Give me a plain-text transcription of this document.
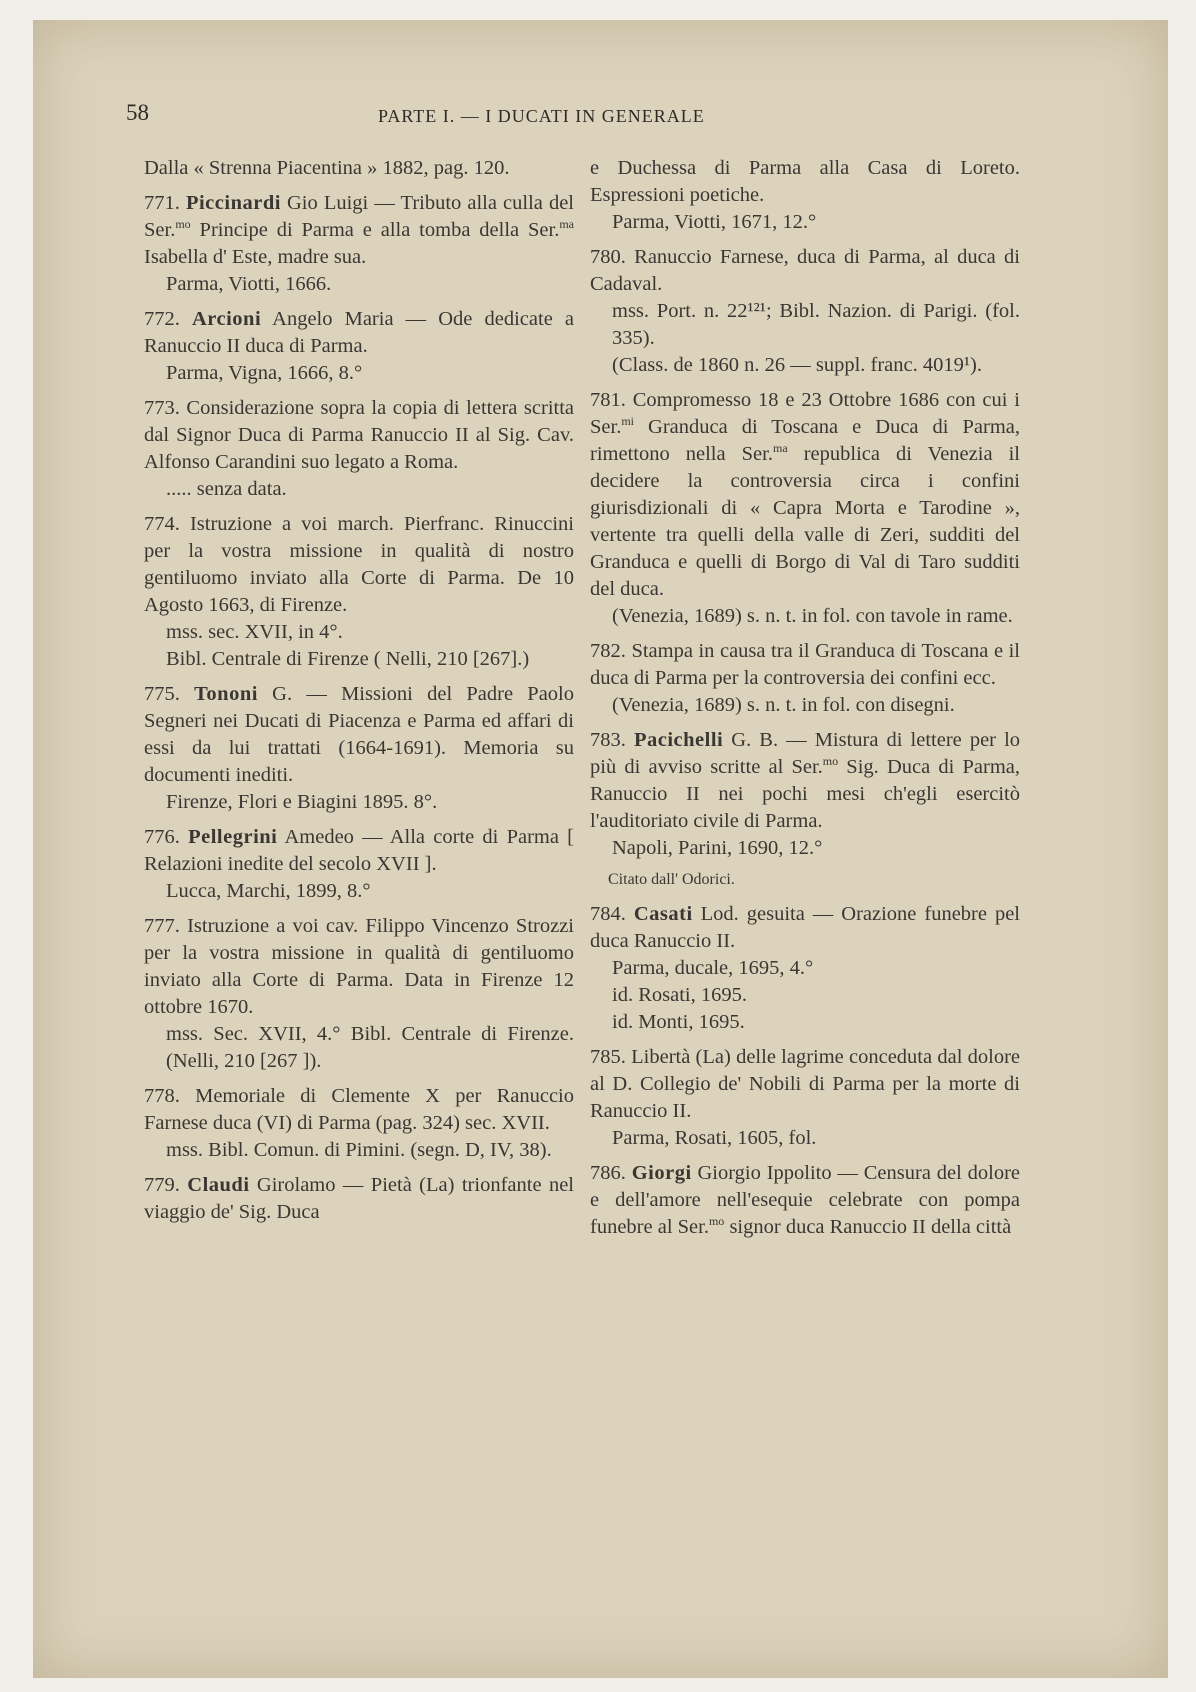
58	PARTE I. — I DUCATI IN GENERALE

Dalla « Strenna Piacentina » 1882, pag. 120.

771. Piccinardi Gio Luigi — Tributo alla culla del Ser.$^{mo}$ Principe di Parma e alla tomba della Ser.$^{ma}$ Isabella d' Este, madre sua.

Parma, Viotti, 1666.

772. Arcioni Angelo Maria — Ode dedicate a Ranuccio II duca di Parma.

Parma, Vigna, 1666, 8.°

773. Considerazione sopra la copia di lettera scritta dal Signor Duca di Parma Ranuccio II al Sig. Cav. Alfonso Carandini suo legato a Roma.

..... senza data.

774. Istruzione a voi march. Pierfranc. Rinuccini per la vostra missione in qualità di nostro gentiluomo inviato alla Corte di Parma. De 10 Agosto 1663, di Firenze.

mss. sec. XVII, in 4°.

Bibl. Centrale di Firenze ( Nelli, 210 [267].)

775. Tononi G. — Missioni del Padre Paolo Segneri nei Ducati di Piacenza e Parma ed affari di essi da lui trattati (1664-1691). Memoria su documenti inediti.

Firenze, Flori e Biagini 1895. 8°.

776. Pellegrini Amedeo — Alla corte di Parma [ Relazioni inedite del secolo XVII ].

Lucca, Marchi, 1899, 8.°

777. Istruzione a voi cav. Filippo Vincenzo Strozzi per la vostra missione in qualità di gentiluomo inviato alla Corte di Parma. Data in Firenze 12 ottobre 1670.

mss. Sec. XVII, 4.° Bibl. Centrale di Firenze. (Nelli, 210 [267 ]).

778. Memoriale di Clemente X per Ranuccio Farnese duca (VI) di Parma (pag. 324) sec. XVII.

mss. Bibl. Comun. di Pimini. (segn. D, IV, 38).

779. Claudi Girolamo — Pietà (La) trionfante nel viaggio de' Sig. Duca

e Duchessa di Parma alla Casa di Loreto. Espressioni poetiche.

Parma, Viotti, 1671, 12.°

780. Ranuccio Farnese, duca di Parma, al duca di Cadaval.

mss. Port. n. 22¹²¹; Bibl. Nazion. di Parigi. (fol. 335).

(Class. de 1860 n. 26 — suppl. franc. 4019¹).

781. Compromesso 18 e 23 Ottobre 1686 con cui i Ser.$^{mi}$ Granduca di Toscana e Duca di Parma, rimettono nella Ser.$^{ma}$ republica di Venezia il decidere la controversia circa i confini giurisdizionali di « Capra Morta e Tarodine », vertente tra quelli della valle di Zeri, sudditi del Granduca e quelli di Borgo di Val di Taro sudditi del duca.

(Venezia, 1689) s. n. t. in fol. con tavole in rame.

782. Stampa in causa tra il Granduca di Toscana e il duca di Parma per la controversia dei confini ecc.

(Venezia, 1689) s. n. t. in fol. con disegni.

783. Pacichelli G. B. — Mistura di lettere per lo più di avviso scritte al Ser.$^{mo}$ Sig. Duca di Parma, Ranuccio II nei pochi mesi ch'egli esercitò l'auditoriato civile di Parma.

Napoli, Parini, 1690, 12.°

Citato dall' Odorici.

784. Casati Lod. gesuita — Orazione funebre pel duca Ranuccio II.

Parma, ducale, 1695, 4.°

id. Rosati, 1695.

id. Monti, 1695.

785. Libertà (La) delle lagrime conceduta dal dolore al D. Collegio de' Nobili di Parma per la morte di Ranuccio II.

Parma, Rosati, 1605, fol.

786. Giorgi Giorgio Ippolito — Censura del dolore e dell'amore nell'esequie celebrate con pompa funebre al Ser.$^{mo}$ signor duca Ranuccio II della città
